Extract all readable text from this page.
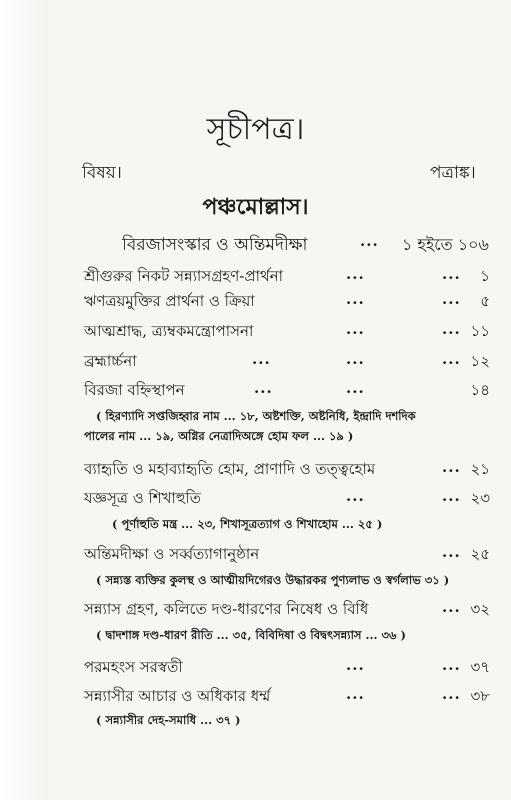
সূচীপত্র।
বিষয়।	পত্রাঙ্ক।
পঞ্চমোল্লাস।
বিরজাসংস্কার ও অন্তিমদীক্ষা	... ১ হইতে ১০৬
শ্রীগুরুর নিকট সন্ন্যাসগ্রহণ-প্রার্থনা	...	... ১
ঋণত্রয়মুক্তির প্রার্থনা ও ক্রিয়া	...	... ৫
আত্মশ্রাদ্ধ, ত্র্যম্বকমন্ত্রোপাসনা	...	... ১১
ব্রহ্মার্চ্চনা	...	...	... ১২
বিরজা বহ্নিস্থাপন	...	...	১৪
( হিরণ্যাদি সপ্তজিহ্বার নাম ... ১৮, অষ্টশক্তি, অষ্টনিধি, ইন্দ্রাদি দশদিক
পালের নাম ... ১৯, অগ্নির নেত্রাদিঅঙ্গে হোম ফল ... ১৯ )
ব্যাহৃতি ও মহাব্যাহৃতি হোম, প্রাণাদি ও তত্ত্বহোম	... ২১
যজ্ঞসূত্র ও শিখাহুতি	...	... ২৩
( পূর্ণাহুতি মন্ত্র ... ২৩, শিখাসূত্রত্যাগ ও শিখাহোম ... ২৫ )
অন্তিমদীক্ষা ও সর্ব্বত্যাগানুষ্ঠান	... ২৫
( সন্ন্যস্ত ব্যক্তির কুলস্থ ও আত্মীয়দিগেরও উদ্ধারকর পুণ্যলাভ ও স্বর্গলাভ ৩১ )
সন্ন্যাস গ্রহণ, কলিতে দণ্ড-ধারণের নিষেধ ও বিধি	... ৩২
( দ্বাদশাঙ্গ দণ্ড-ধারণ রীতি ... ৩৫, বিবিদিষা ও বিদ্বৎসন্ন্যাস ... ৩৬ )
পরমহংস সরস্বতী	...	... ৩৭
সন্ন্যাসীর আচার ও অধিকার ধর্ম্ম	...	... ৩৮
( সন্ন্যাসীর দেহ-সমাধি ... ৩৭ )
